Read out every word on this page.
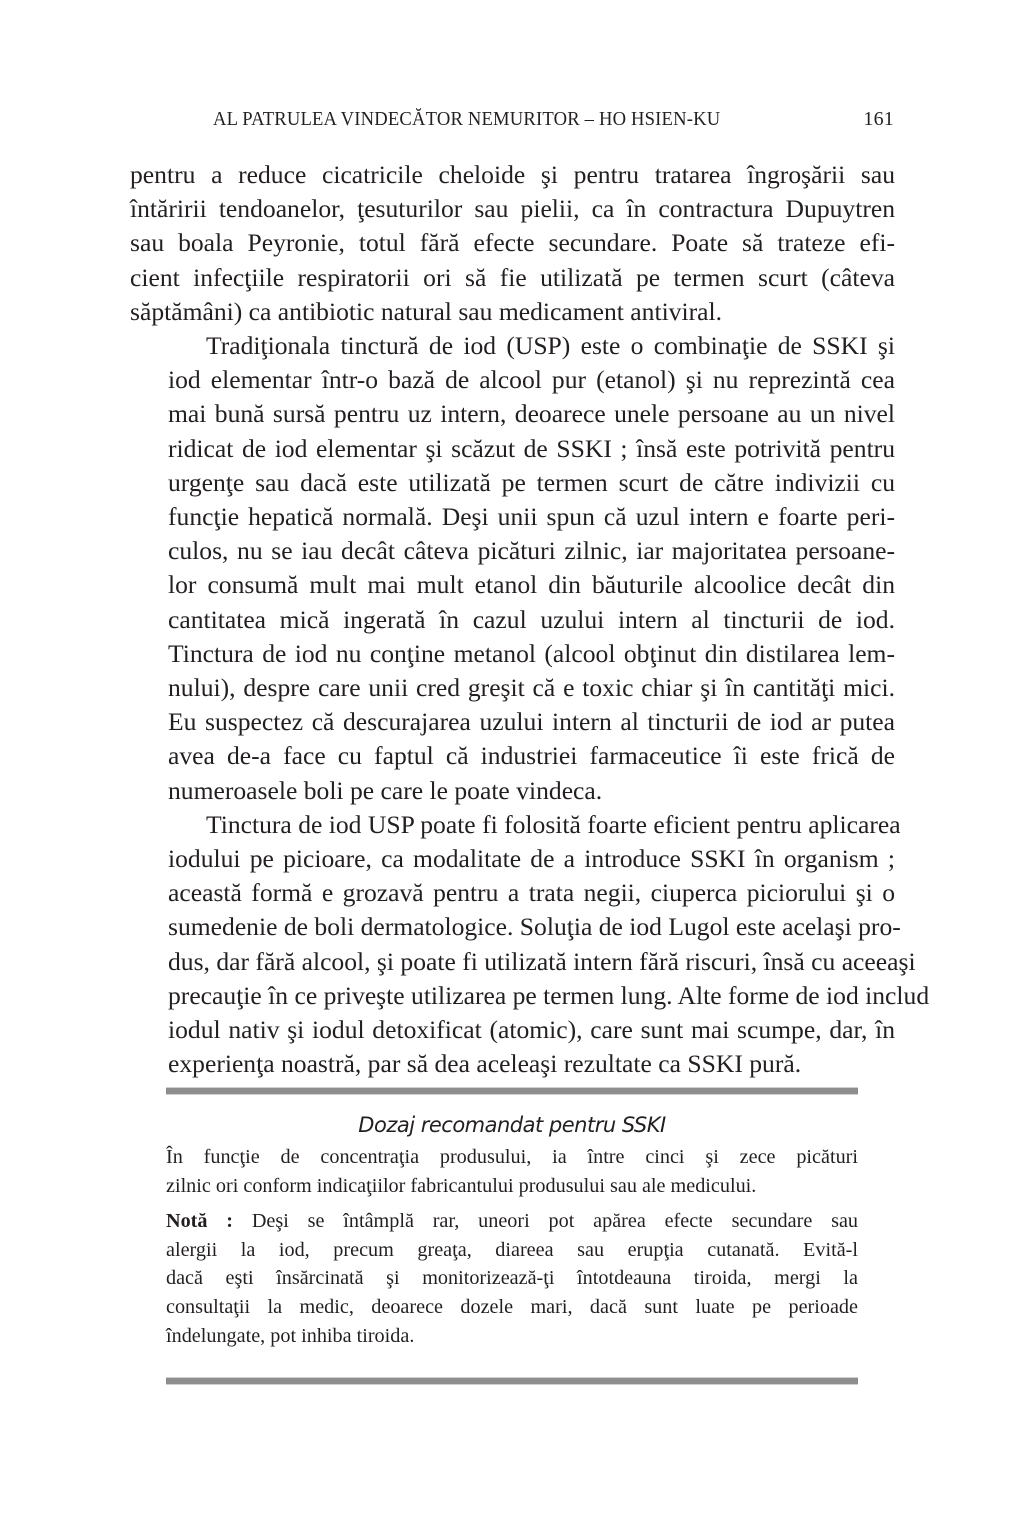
AL PATRULEA VINDECĂTOR NEMURITOR – HO HSIEN-KU	161

pentru a reduce cicatricile cheloide şi pentru tratarea îngroşării sau
întăririi tendoanelor, ţesuturilor sau pielii, ca în contractura Dupuytren
sau boala Peyronie, totul fără efecte secundare. Poate să trateze efi-
cient infecţiile respiratorii ori să fie utilizată pe termen scurt (câteva
săptămâni) ca antibiotic natural sau medicament antiviral.

Tradiţionala tinctură de iod (USP) este o combinaţie de SSKI şi
iod elementar într-o bază de alcool pur (etanol) şi nu reprezintă cea
mai bună sursă pentru uz intern, deoarece unele persoane au un nivel
ridicat de iod elementar şi scăzut de SSKI ; însă este potrivită pentru
urgenţe sau dacă este utilizată pe termen scurt de către indivizii cu
funcţie hepatică normală. Deşi unii spun că uzul intern e foarte peri-
culos, nu se iau decât câteva picături zilnic, iar majoritatea persoane-
lor consumă mult mai mult etanol din băuturile alcoolice decât din
cantitatea mică ingerată în cazul uzului intern al tincturii de iod.
Tinctura de iod nu conţine metanol (alcool obţinut din distilarea lem-
nului), despre care unii cred greşit că e toxic chiar şi în cantităţi mici.
Eu suspectez că descurajarea uzului intern al tincturii de iod ar putea
avea de-a face cu faptul că industriei farmaceutice îi este frică de
numeroasele boli pe care le poate vindeca.

Tinctura de iod USP poate fi folosită foarte eficient pentru aplicarea
iodului pe picioare, ca modalitate de a introduce SSKI în organism ;
această formă e grozavă pentru a trata negii, ciuperca piciorului şi o
sumedenie de boli dermatologice. Soluţia de iod Lugol este acelaşi pro-
dus, dar fără alcool, şi poate fi utilizată intern fără riscuri, însă cu aceeaşi
precauţie în ce priveşte utilizarea pe termen lung. Alte forme de iod includ
iodul nativ şi iodul detoxificat (atomic), care sunt mai scumpe, dar, în
experienţa noastră, par să dea aceleaşi rezultate ca SSKI pură.

Dozaj recomandat pentru SSKI

În funcţie de concentraţia produsului, ia între cinci şi zece picături
zilnic ori conform indicaţiilor fabricantului produsului sau ale medicului.

Notă : Deşi se întâmplă rar, uneori pot apărea efecte secundare sau
alergii la iod, precum greaţa, diareea sau erupţia cutanată. Evită-l
dacă eşti însărcinată şi monitorizează-ţi întotdeauna tiroida, mergi la
consultaţii la medic, deoarece dozele mari, dacă sunt luate pe perioade
îndelungate, pot inhiba tiroida.
